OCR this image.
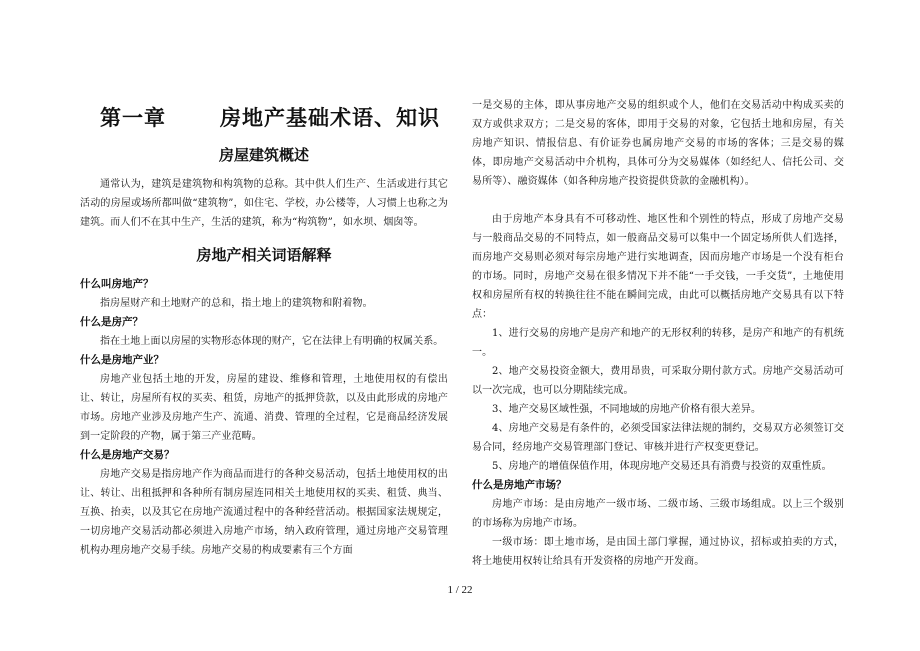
第一章	房地产基础术语、知识
房屋建筑概述

通常认为，建筑是建筑物和构筑物的总称。其中供人们生产、生活或进行其它活动的房屋或场所都叫做“建筑物”，如住宅、学校，办公楼等，人习惯上也称之为建筑。而人们不在其中生产，生活的建筑，称为“构筑物”，如水坝、烟囱等。

房地产相关词语解释

什么叫房地产？

指房屋财产和土地财产的总和，指土地上的建筑物和附着物。

什么是房产？

指在土地上面以房屋的实物形态体现的财产，它在法律上有明确的权属关系。

什么是房地产业？

房地产业包括土地的开发，房屋的建设、维修和管理，土地使用权的有偿出让、转让，房屋所有权的买卖、租赁，房地产的抵押贷款，以及由此形成的房地产市场。房地产业涉及房地产生产、流通、消费、管理的全过程，它是商品经济发展到一定阶段的产物，属于第三产业范畴。

什么是房地产交易？

房地产交易是指房地产作为商品而进行的各种交易活动，包括土地使用权的出让、转让、出租抵押和各种所有制房屋连同相关土地使用权的买卖、租赁、典当、互换、抬卖，以及其它在房地产流通过程中的各种经营活动。根据国家法规规定，一切房地产交易活动都必须进入房地产市场，纳入政府管理，通过房地产交易管理机构办理房地产交易手续。房地产交易的构成要素有三个方面

一是交易的主体，即从事房地产交易的组织或个人，他们在交易活动中构成买卖的双方或供求双方；二是交易的客体，即用于交易的对象，它包括土地和房屋，有关房地产知识、情报信息、有价证券也属房地产交易的市场的客体；三是交易的媒体，即房地产交易活动中介机构，具体可分为交易媒体（如经纪人、信托公司、交易所等）、融资媒体（如各种房地产投资提供贷款的金融机构）。

由于房地产本身具有不可移动性、地区性和个别性的特点，形成了房地产交易与一般商品交易的不同特点，如一般商品交易可以集中一个固定场所供人们选择，而房地产交易则必须对每宗房地产进行实地调查，因而房地产市场是一个没有柜台的市场。同时，房地产交易在很多情况下并不能“一手交钱，一手交货”，土地使用权和房屋所有权的转换往往不能在瞬间完成，由此可以概括房地产交易具有以下特点：

1、进行交易的房地产是房产和地产的无形权利的转移，是房产和地产的有机统一。

2、地产交易投资金额大，费用昂贵，可采取分期付款方式。房地产交易活动可以一次完成，也可以分期陆续完成。

3、地产交易区域性强，不同地域的房地产价格有很大差异。

4、房地产交易是有条件的，必须受国家法律法规的制约，交易双方必须签订交易合同，经房地产交易管理部门登记、审核并进行产权变更登记。

5、房地产的增值保值作用，体现房地产交易还具有消费与投资的双重性质。

什么是房地产市场？

房地产市场：是由房地产一级市场、二级市场、三级市场组成。以上三个级别的市场称为房地产市场。

一级市场：即土地市场，是由国土部门掌握，通过协议，招标或拍卖的方式，将土地使用权转让给具有开发资格的房地产开发商。

1 / 22
